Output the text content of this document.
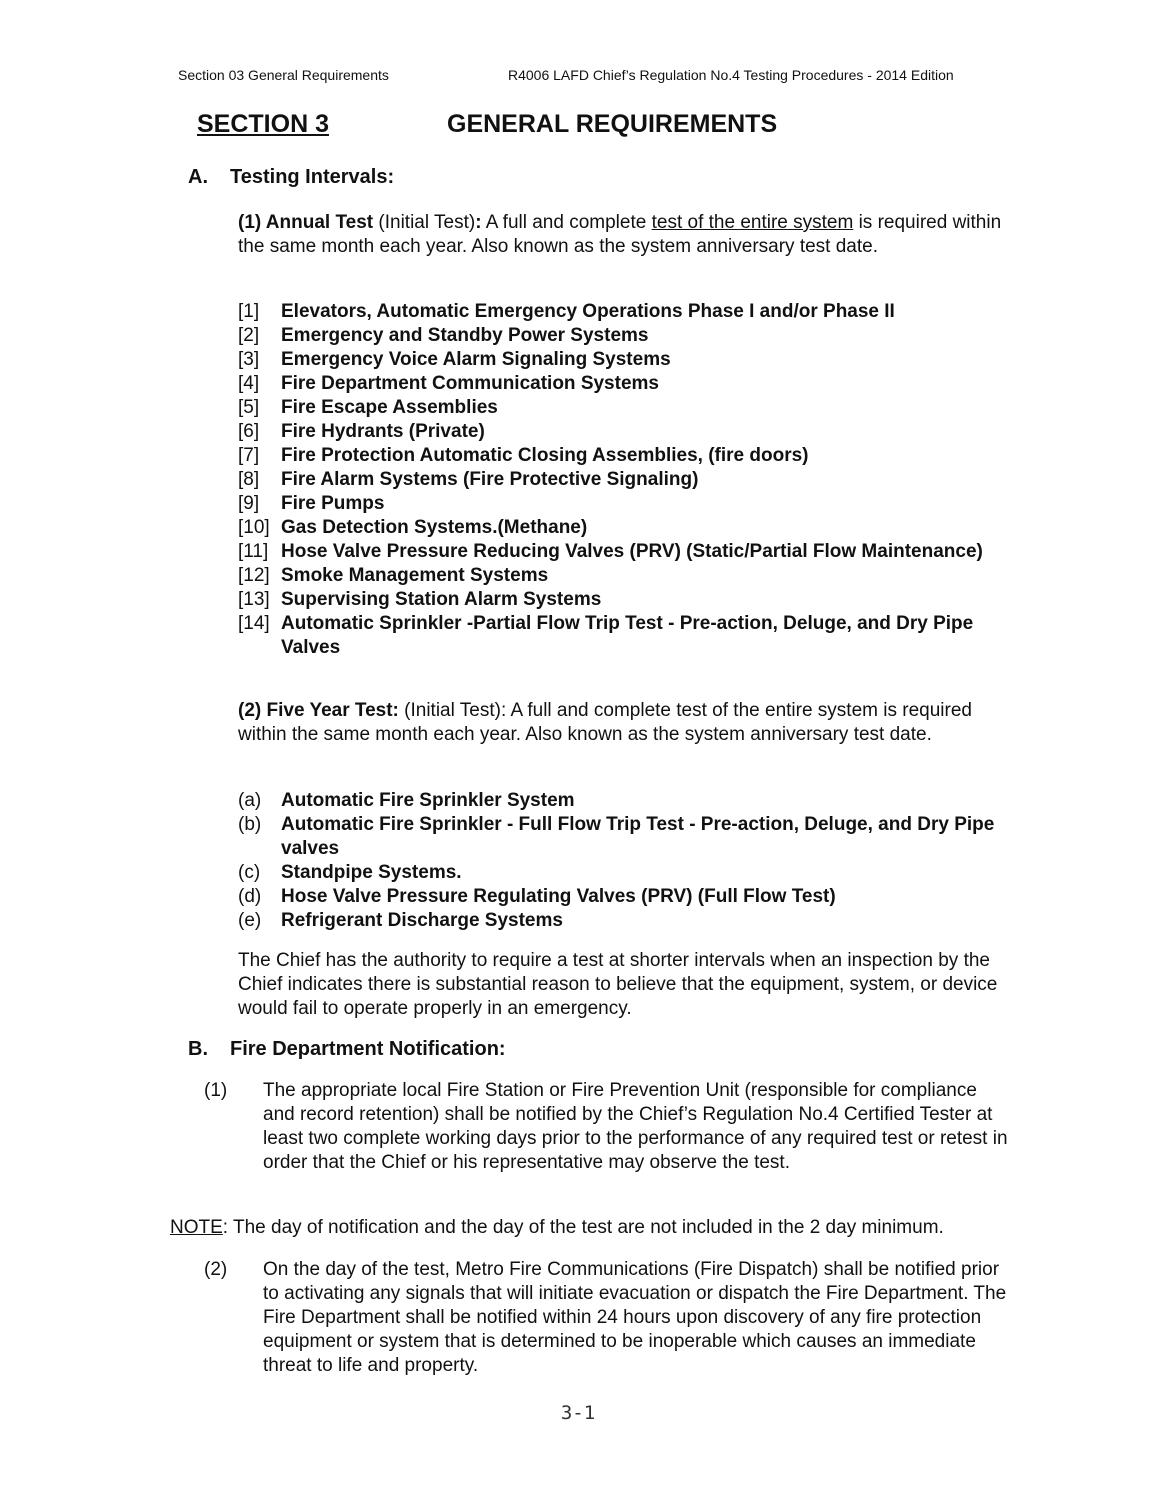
Section 03 General Requirements	R4006 LAFD Chief’s Regulation No.4 Testing Procedures - 2014 Edition
SECTION 3	GENERAL REQUIREMENTS
A. Testing Intervals:
(1) Annual Test (Initial Test): A full and complete test of the entire system is required within the same month each year. Also known as the system anniversary test date.
[1]	Elevators, Automatic Emergency Operations Phase I and/or Phase II
[2]	Emergency and Standby Power Systems
[3]	Emergency Voice Alarm Signaling Systems
[4]	Fire Department Communication Systems
[5]	Fire Escape Assemblies
[6]	Fire Hydrants (Private)
[7]	Fire Protection Automatic Closing Assemblies, (fire doors)
[8]	Fire Alarm Systems (Fire Protective Signaling)
[9]	Fire Pumps
[10] Gas Detection Systems.(Methane)
[11] Hose Valve Pressure Reducing Valves (PRV) (Static/Partial Flow Maintenance)
[12] Smoke Management Systems
[13] Supervising Station Alarm Systems
[14] Automatic Sprinkler -Partial Flow Trip Test - Pre-action, Deluge, and Dry Pipe Valves
(2) Five Year Test: (Initial Test): A full and complete test of the entire system is required within the same month each year. Also known as the system anniversary test date.
(a)	Automatic Fire Sprinkler System
(b)	Automatic Fire Sprinkler - Full Flow Trip Test - Pre-action, Deluge, and Dry Pipe valves
(c)	Standpipe Systems.
(d)	Hose Valve Pressure Regulating Valves (PRV) (Full Flow Test)
(e)	Refrigerant Discharge Systems
The Chief has the authority to require a test at shorter intervals when an inspection by the Chief indicates there is substantial reason to believe that the equipment, system, or device would fail to operate properly in an emergency.
B. Fire Department Notification:
(1) The appropriate local Fire Station or Fire Prevention Unit (responsible for compliance and record retention) shall be notified by the Chief’s Regulation No.4 Certified Tester at least two complete working days prior to the performance of any required test or retest in order that the Chief or his representative may observe the test.
NOTE: The day of notification and the day of the test are not included in the 2 day minimum.
(2) On the day of the test, Metro Fire Communications (Fire Dispatch) shall be notified prior to activating any signals that will initiate evacuation or dispatch the Fire Department. The Fire Department shall be notified within 24 hours upon discovery of any fire protection equipment or system that is determined to be inoperable which causes an immediate threat to life and property.
3-1
